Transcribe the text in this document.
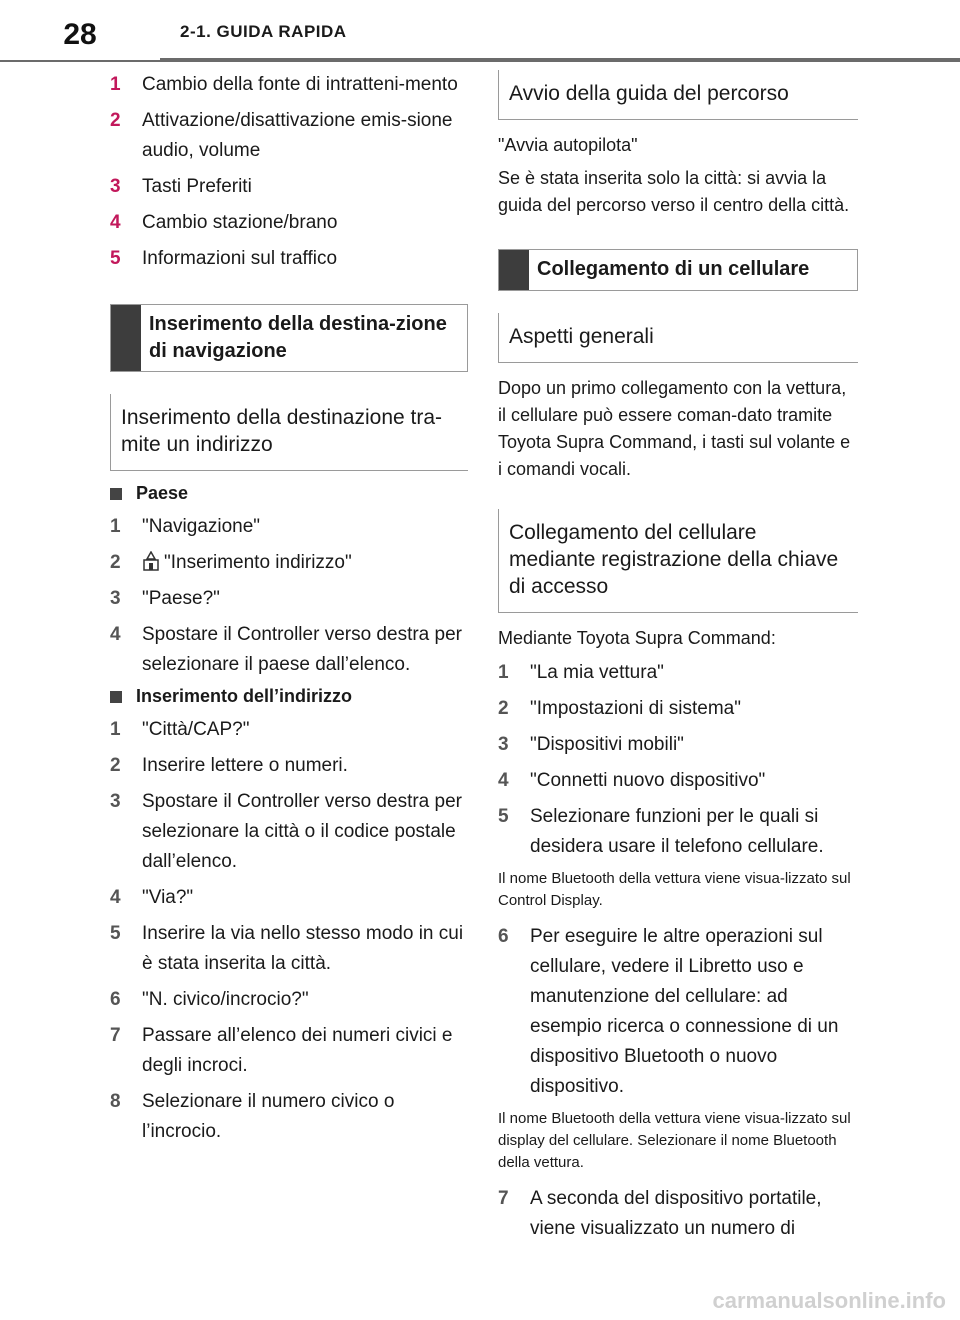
28	2-1. GUIDA RAPIDA
1	Cambio della fonte di intratteni-mento
2	Attivazione/disattivazione emis-sione audio, volume
3	Tasti Preferiti
4	Cambio stazione/brano
5	Informazioni sul traffico
Inserimento della destina-zione di navigazione
Inserimento della destinazione tra-mite un indirizzo
Paese
1	"Navigazione"
2	"Inserimento indirizzo"
3	"Paese?"
4	Spostare il Controller verso destra per selezionare il paese dall’elenco.
Inserimento dell’indirizzo
1	"Città/CAP?"
2	Inserire lettere o numeri.
3	Spostare il Controller verso destra per selezionare la città o il codice postale dall’elenco.
4	"Via?"
5	Inserire la via nello stesso modo in cui è stata inserita la città.
6	"N. civico/incrocio?"
7	Passare all’elenco dei numeri civici e degli incroci.
8	Selezionare il numero civico o l’incrocio.
Avvio della guida del percorso
"Avvia autopilota"
Se è stata inserita solo la città: si avvia la guida del percorso verso il centro della città.
Collegamento di un cellulare
Aspetti generali
Dopo un primo collegamento con la vettura, il cellulare può essere coman-dato tramite Toyota Supra Command, i tasti sul volante e i comandi vocali.
Collegamento del cellulare mediante registrazione della chiave di accesso
Mediante Toyota Supra Command:
1	"La mia vettura"
2	"Impostazioni di sistema"
3	"Dispositivi mobili"
4	"Connetti nuovo dispositivo"
5	Selezionare funzioni per le quali si desidera usare il telefono cellulare.
Il nome Bluetooth della vettura viene visua-lizzato sul Control Display.
6	Per eseguire le altre operazioni sul cellulare, vedere il Libretto uso e manutenzione del cellulare: ad esempio ricerca o connessione di un dispositivo Bluetooth o nuovo dispositivo.
Il nome Bluetooth della vettura viene visua-lizzato sul display del cellulare. Selezionare il nome Bluetooth della vettura.
7	A seconda del dispositivo portatile, viene visualizzato un numero di
carmanualsonline.info
